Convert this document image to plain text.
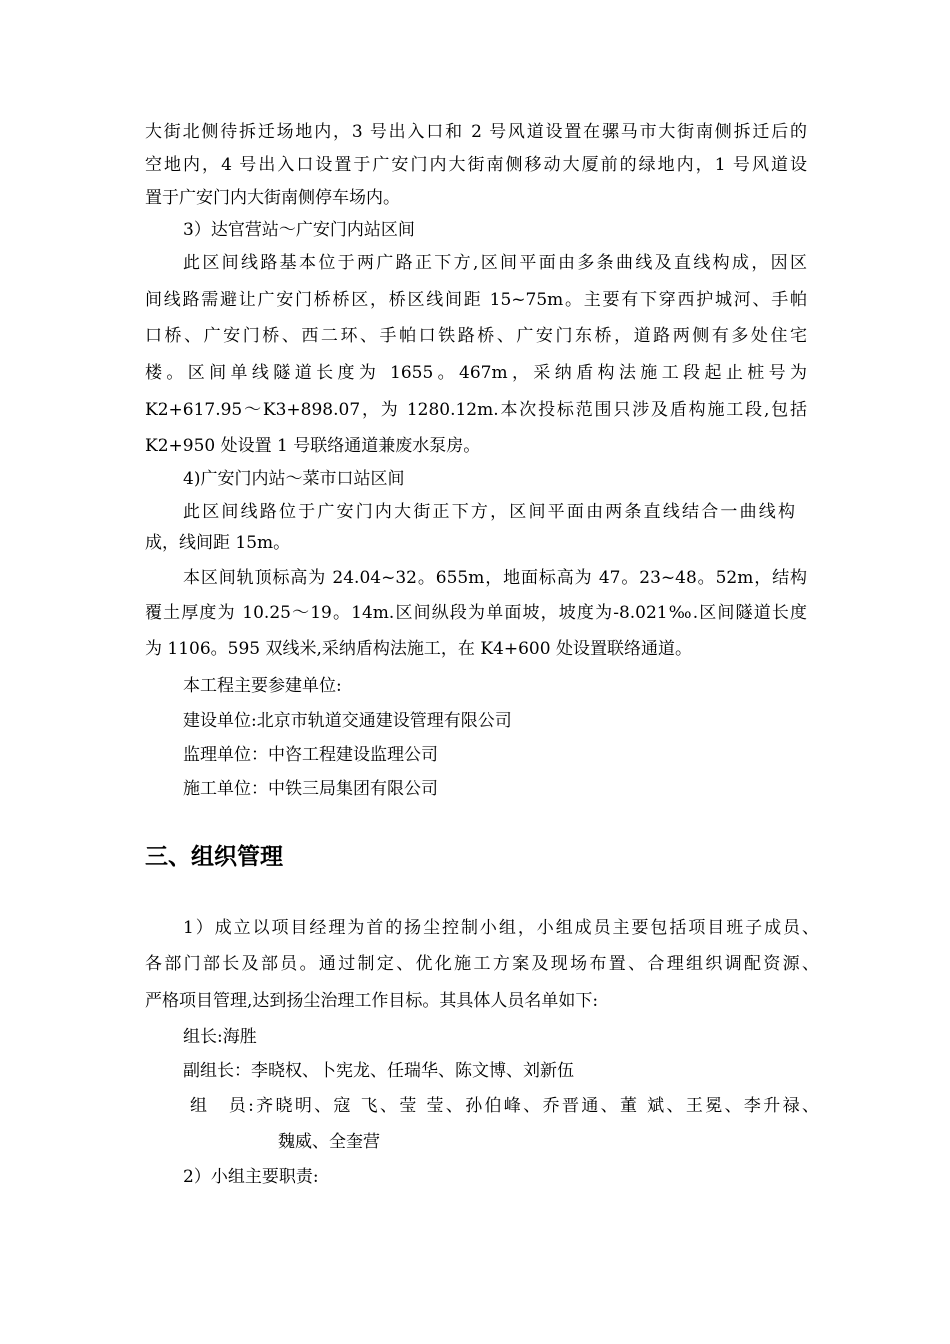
大街北侧待拆迁场地内，3 号出入口和 2 号风道设置在骡马市大街南侧拆迁后的
空地内，4 号出入口设置于广安门内大街南侧移动大厦前的绿地内，1 号风道设
置于广安门内大街南侧停车场内。
3）达官营站～广安门内站区间
此区间线路基本位于两广路正下方,区间平面由多条曲线及直线构成，因区
间线路需避让广安门桥桥区，桥区线间距 15~75m。主要有下穿西护城河、手帕
口桥、广安门桥、西二环、手帕口铁路桥、广安门东桥，道路两侧有多处住宅
楼。区间单线隧道长度为 1655。467m，采纳盾构法施工段起止桩号为
K2+617.95～K3+898.07，为 1280.12m.本次投标范围只涉及盾构施工段,包括
K2+950 处设置 1 号联络通道兼废水泵房。
4)广安门内站～菜市口站区间
此区间线路位于广安门内大街正下方，区间平面由两条直线结合一曲线构
成，线间距 15m。
本区间轨顶标高为 24.04~32。655m，地面标高为 47。23~48。52m，结构
覆土厚度为 10.25～19。14m.区间纵段为单面坡，坡度为-8.021‰.区间隧道长度
为 1106。595 双线米,采纳盾构法施工，在 K4+600 处设置联络通道。
本工程主要参建单位:
建设单位:北京市轨道交通建设管理有限公司
监理单位：中咨工程建设监理公司
施工单位：中铁三局集团有限公司
三、组织管理
1）成立以项目经理为首的扬尘控制小组，小组成员主要包括项目班子成员、
各部门部长及部员。通过制定、优化施工方案及现场布置、合理组织调配资源、
严格项目管理,达到扬尘治理工作目标。其具体人员名单如下:
组长:海胜
副组长：李晓权、卜宪龙、任瑞华、陈文博、刘新伍
组　员:齐晓明、寇 飞、莹 莹、孙伯峰、乔晋通、董 斌、王冕、李升禄、
魏威、全奎营
2）小组主要职责:
